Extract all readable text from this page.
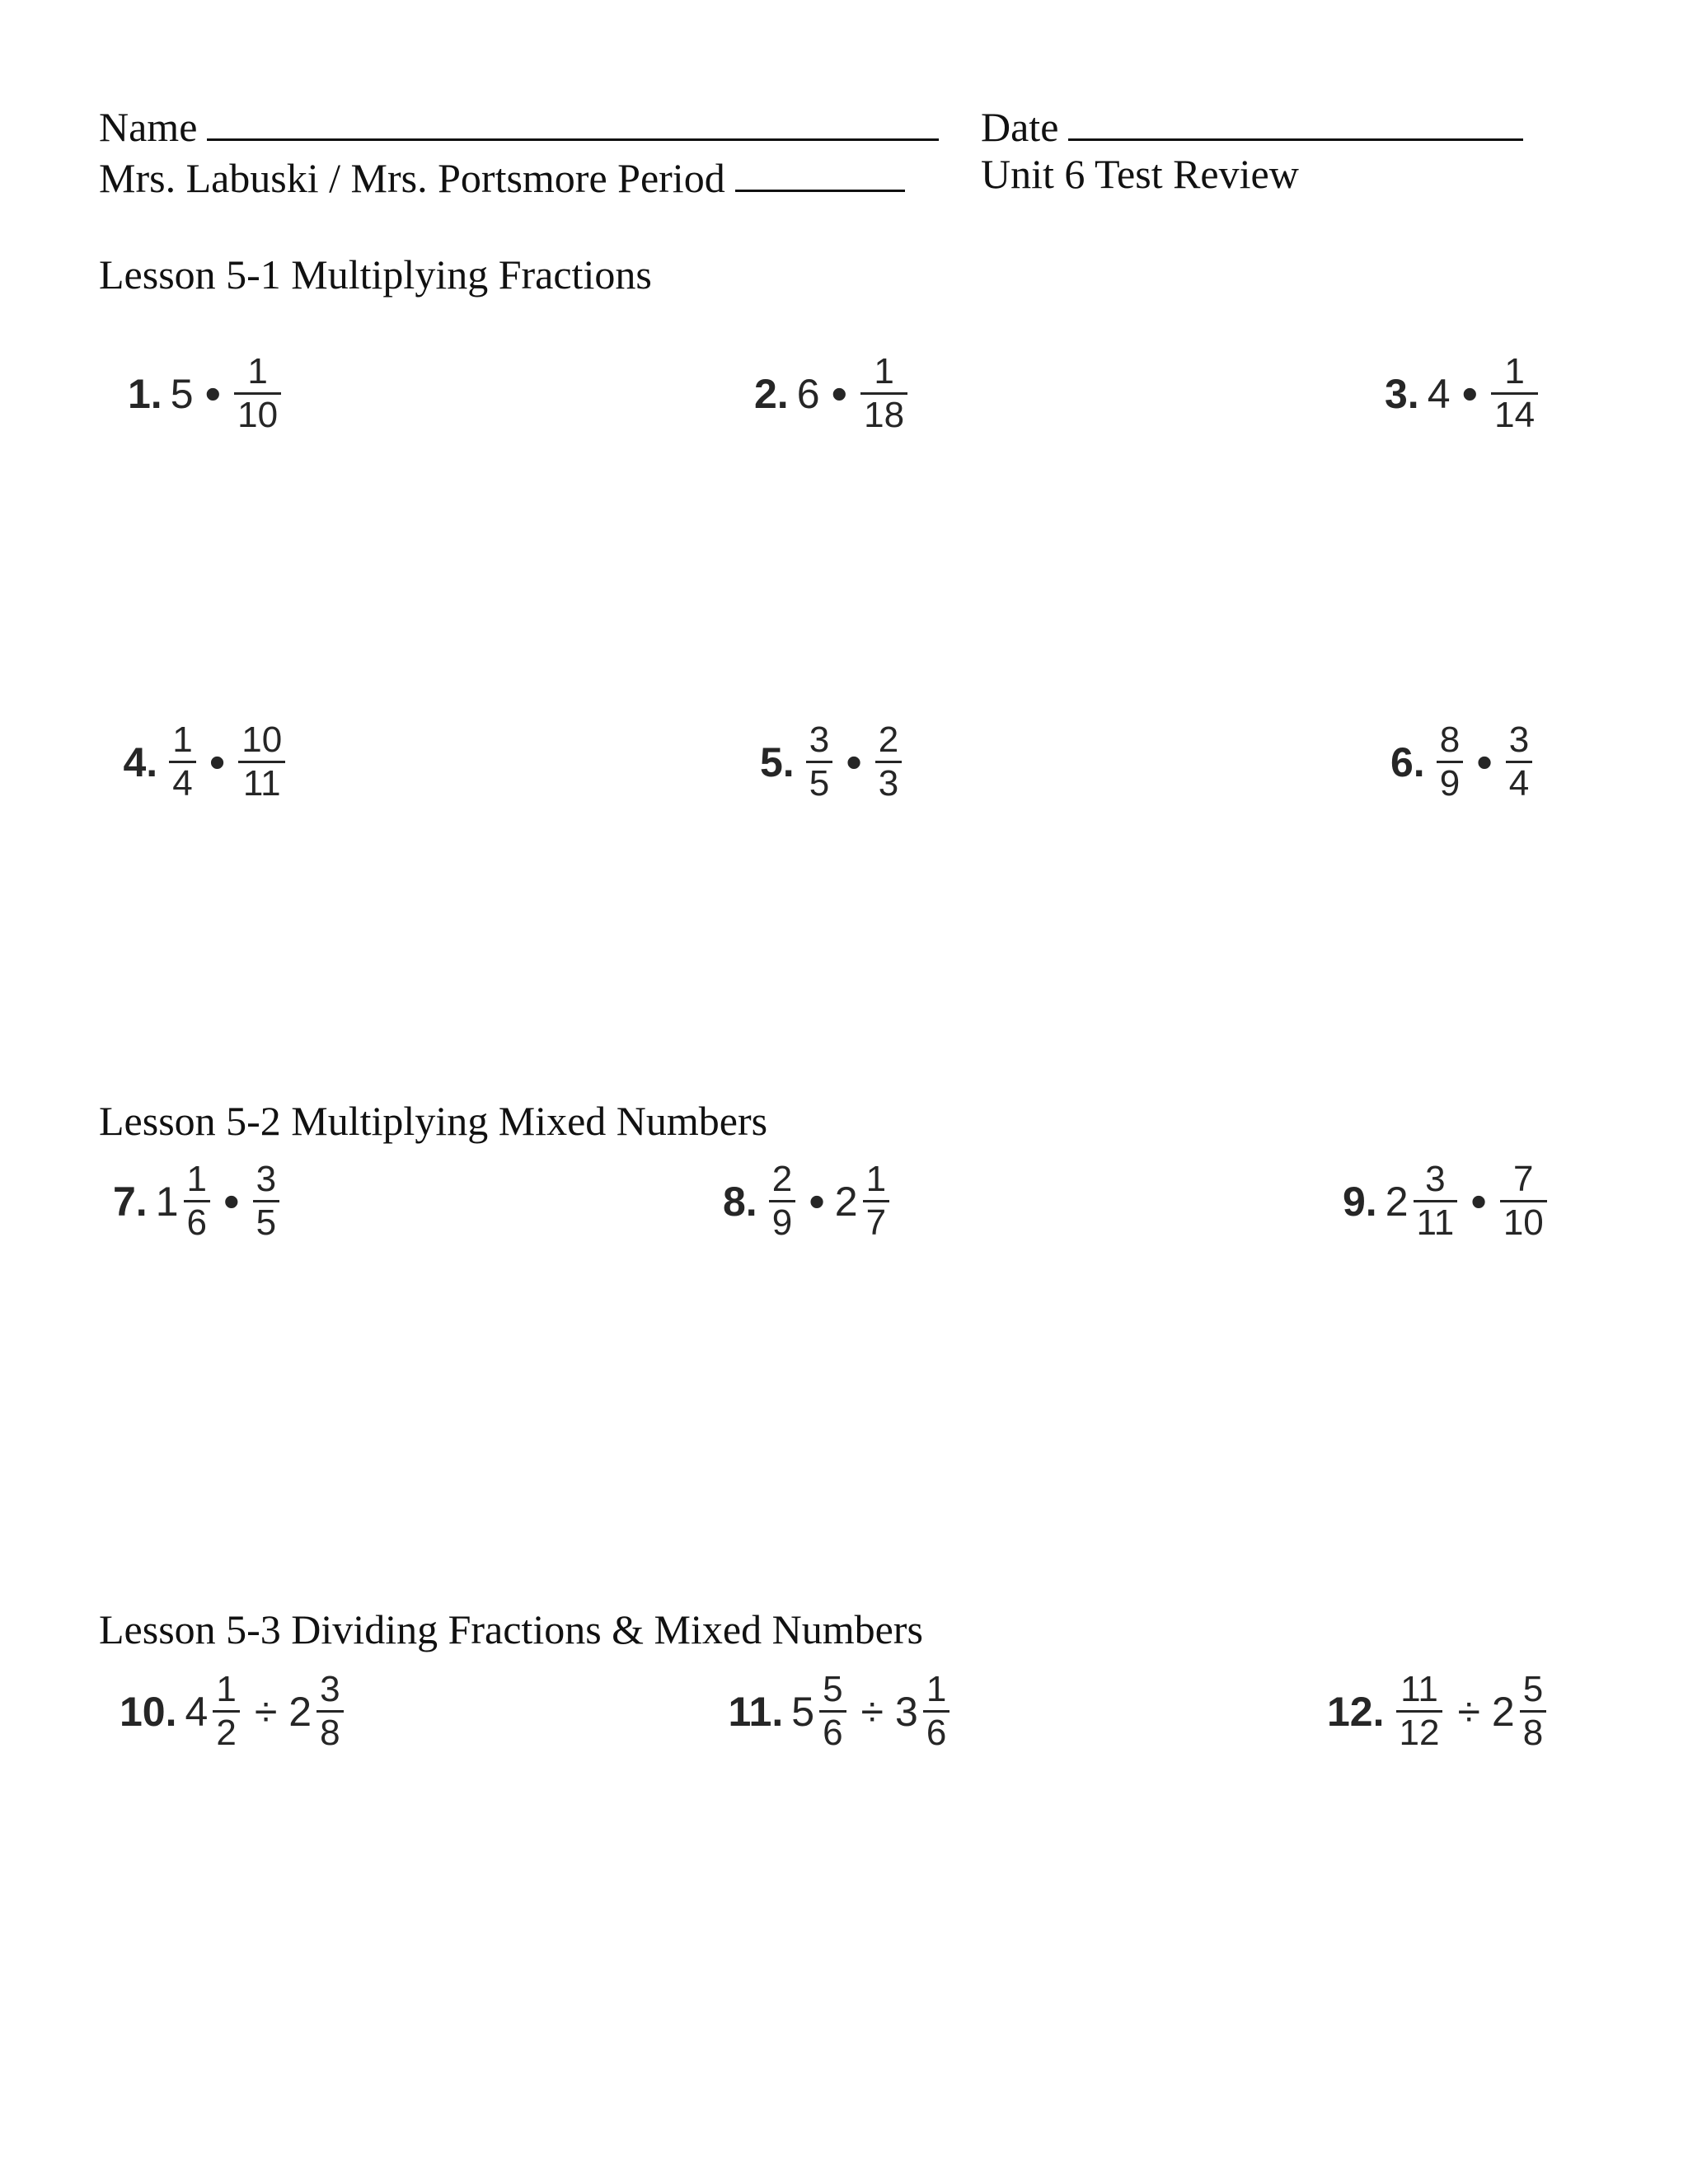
Name	Date
Mrs. Labuski / Mrs. Portsmore Period	Unit 6 Test Review
Lesson 5-1 Multiplying Fractions
Lesson 5-2 Multiplying Mixed Numbers
Lesson 5-3 Dividing Fractions & Mixed Numbers
1. 5 • $\frac{1}{10}$	2. 6 • $\frac{1}{18}$	3. 4 • $\frac{1}{14}$
4. $\frac{1}{4}$ • $\frac{10}{11}$	5. $\frac{3}{5}$ • $\frac{2}{3}$	6. $\frac{8}{9}$ • $\frac{3}{4}$
7. $1 \frac{1}{6}$ • $\frac{3}{5}$	8. $\frac{2}{9}$ • $2 \frac{1}{7}$	9. $2 \frac{3}{11}$ • $\frac{7}{10}$
10. $4 \frac{1}{2} \div 2 \frac{3}{8}$	11. $5 \frac{5}{6} \div 3 \frac{1}{6}$	12. $\frac{11}{12} \div 2 \frac{5}{8}$
